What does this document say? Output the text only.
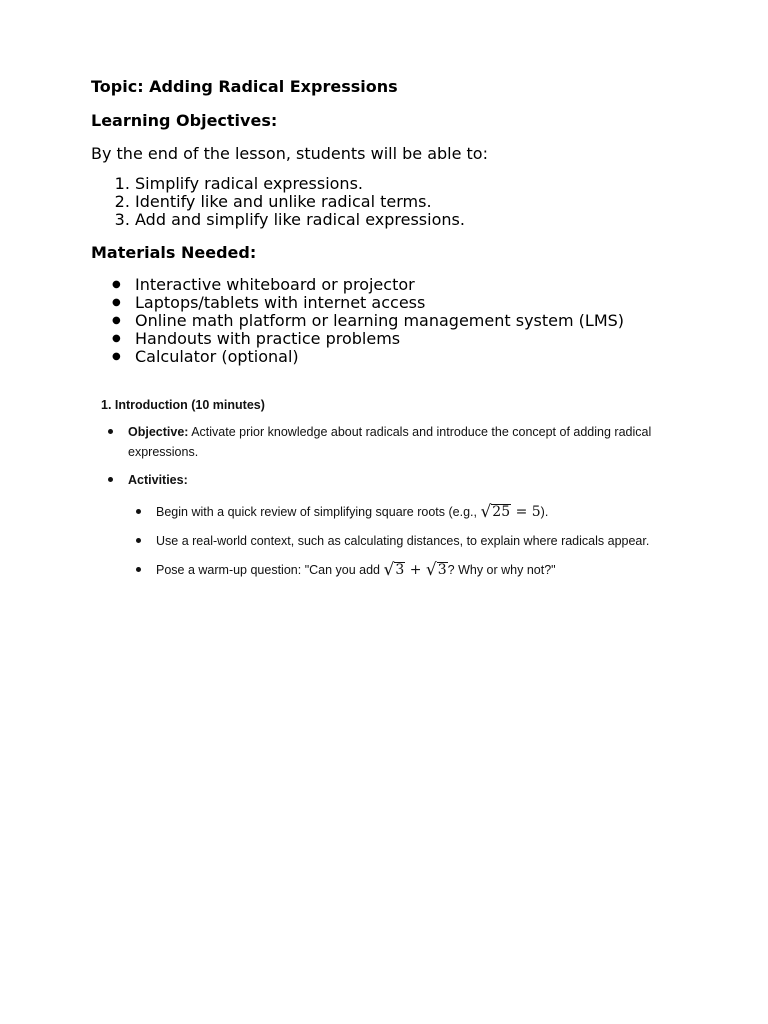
Topic: Adding Radical Expressions

Learning Objectives:

By the end of the lesson, students will be able to:

1. Simplify radical expressions.
2. Identify like and unlike radical terms.
3. Add and simplify like radical expressions.

Materials Needed:

● Interactive whiteboard or projector
● Laptops/tablets with internet access
● Online math platform or learning management system (LMS)
● Handouts with practice problems
● Calculator (optional)

1. Introduction (10 minutes)

Objective: Activate prior knowledge about radicals and introduce the concept of adding radical expressions.
Activities:
Begin with a quick review of simplifying square roots (e.g., √25 = 5).
Use a real-world context, such as calculating distances, to explain where radicals appear.
Pose a warm-up question: "Can you add √3 + √3? Why or why not?"
